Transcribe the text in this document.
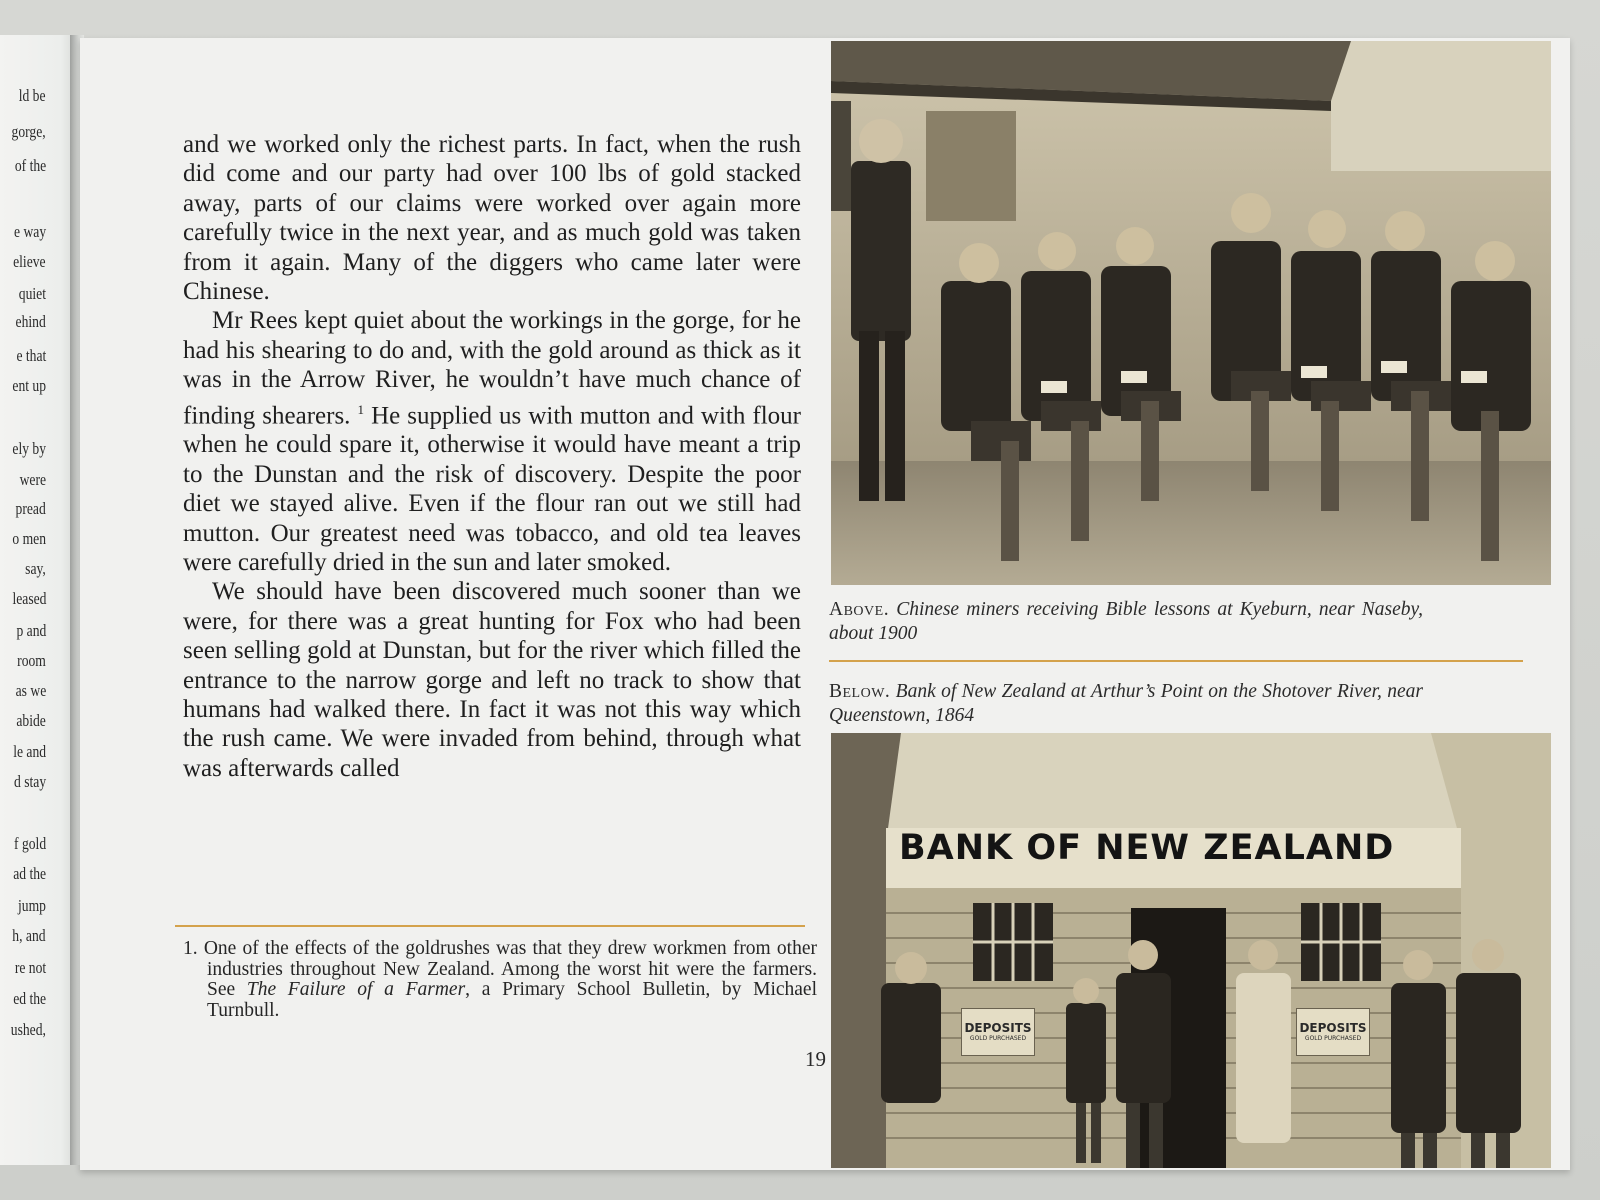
ld be
gorge,
of the
e way
elieve
quiet
ehind
e that
ent up
ely by
were
pread
o men
say,
leased
p and
room
as we
abide
le and
d stay
f gold
ad the
jump
h, and
re not
ed the
ushed,

and we worked only the richest parts. In fact, when the rush did come and our party had over 100 lbs of gold stacked away, parts of our claims were worked over again more carefully twice in the next year, and as much gold was taken from it again. Many of the diggers who came later were Chinese.

Mr Rees kept quiet about the workings in the gorge, for he had his shearing to do and, with the gold around as thick as it was in the Arrow River, he wouldn’t have much chance of finding shearers. $^1$ He supplied us with mutton and with flour when he could spare it, otherwise it would have meant a trip to the Dunstan and the risk of discovery. Despite the poor diet we stayed alive. Even if the flour ran out we still had mutton. Our greatest need was tobacco, and old tea leaves were carefully dried in the sun and later smoked.

We should have been discovered much sooner than we were, for there was a great hunting for Fox who had been seen selling gold at Dunstan, but for the river which filled the entrance to the narrow gorge and left no track to show that humans had walked there. In fact it was not this way which the rush came. We were invaded from behind, through what was afterwards called

1. One of the effects of the goldrushes was that they drew workmen from other industries throughout New Zealand. Among the worst hit were the farmers. See The Failure of a Farmer, a Primary School Bulletin, by Michael Turnbull.
19
Above. Chinese miners receiving Bible lessons at Kyeburn, near Naseby, about 1900
Below. Bank of New Zealand at Arthur’s Point on the Shotover River, near Queenstown, 1864
BANK OF NEW ZEALAND
DEPOSITS
GOLD PURCHASED
DEPOSITS
GOLD PURCHASED
